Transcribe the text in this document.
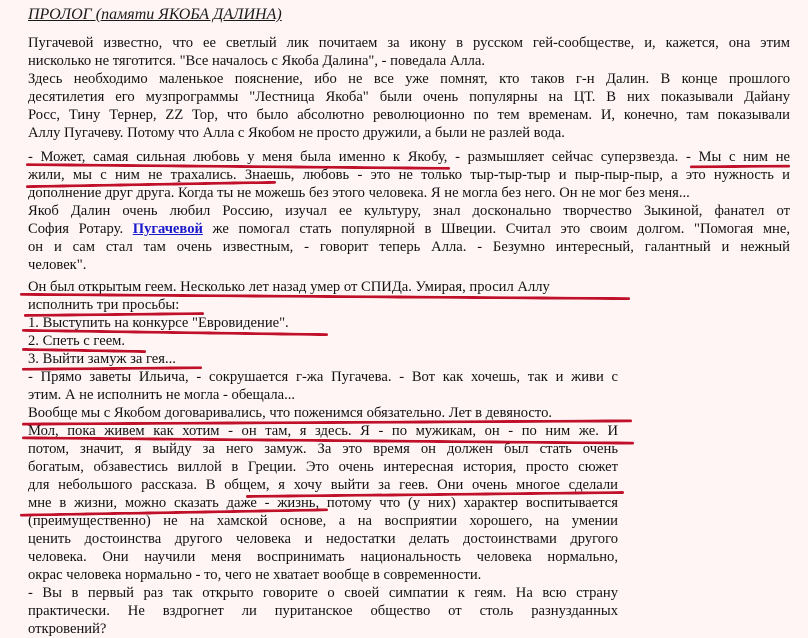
ПРОЛОГ (памяти ЯКОБА ДАЛИНА)
Пугачевой известно, что ее светлый лик почитаем за икону в русском гей-сообществе, и, кажется, она этим
нисколько не тяготится. "Все началось с Якоба Далина", - поведала Алла.
Здесь необходимо маленькое пояснение, ибо не все уже помнят, кто таков г-н Далин. В конце прошлого
десятилетия его музпрограммы "Лестница Якоба" были очень популярны на ЦТ. В них показывали Дайану
Росс, Тину Тернер, ZZ Top, что было абсолютно революционно по тем временам. И, конечно, там показывали
Аллу Пугачеву. Потому что Алла с Якобом не просто дружили, а были не разлей вода.
- Может, самая сильная любовь у меня была именно к Якобу, - размышляет сейчас суперзвезда. - Мы с ним не
жили, мы с ним не трахались. Знаешь, любовь - это не только тыр-тыр-тыр и пыр-пыр-пыр, а это нужность и
дополнение друг друга. Когда ты не можешь без этого человека. Я не могла без него. Он не мог без меня...
Якоб Далин очень любил Россию, изучал ее культуру, знал досконально творчество Зыкиной, фанател от
София Ротару. Пугачевой же помогал стать популярной в Швеции. Считал это своим долгом. "Помогая мне,
он и сам стал там очень известным, - говорит теперь Алла. - Безумно интересный, галантный и нежный
человек".
Он был открытым геем. Несколько лет назад умер от СПИДа. Умирая, просил Аллу
исполнить три просьбы:
1. Выступить на конкурсе "Евровидение".
2. Спеть с геем.
3. Выйти замуж за гея...
- Прямо заветы Ильича, - сокрушается г-жа Пугачева. - Вот как хочешь, так и живи с
этим. А не исполнить не могла - обещала...
Вообще мы с Якобом договаривались, что поженимся обязательно. Лет в девяносто.
Мол, пока живем как хотим - он там, я здесь. Я - по мужикам, он - по ним же. И
потом, значит, я выйду за него замуж. За это время он должен был стать очень
богатым, обзавестись виллой в Греции. Это очень интересная история, просто сюжет
для небольшого рассказа. В общем, я хочу выйти за геев. Они очень многое сделали
мне в жизни, можно сказать даже - жизнь, потому что (у них) характер воспитывается
(преимущественно) не на хамской основе, а на восприятии хорошего, на умении
ценить достоинства другого человека и недостатки делать достоинствами другого
человека. Они научили меня воспринимать национальность человека нормально,
окрас человека нормально - то, чего не хватает вообще в современности.
- Вы в первый раз так открыто говорите о своей симпатии к геям. На всю страну
практически. Не вздрогнет ли пуританское общество от столь разнузданных
откровений?
